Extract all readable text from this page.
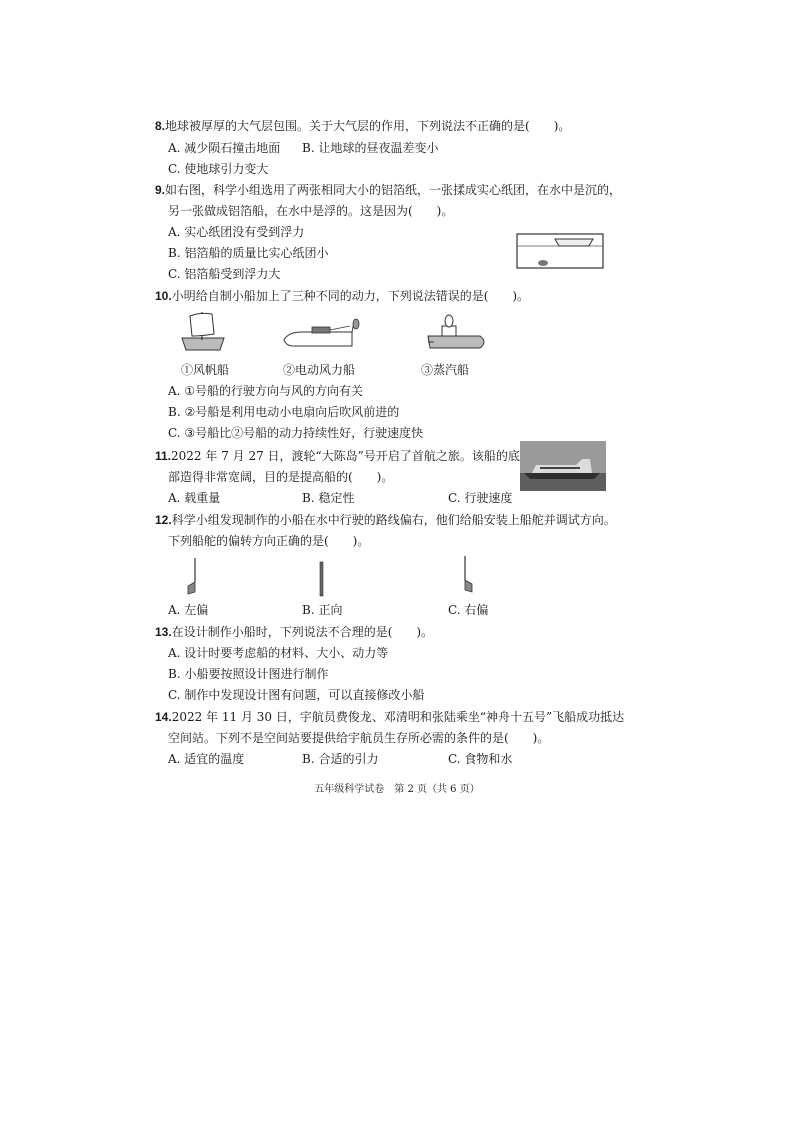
8.地球被厚厚的大气层包围。关于大气层的作用，下列说法不正确的是(　　)。
A. 减少陨石撞击地面 B. 让地球的昼夜温差变小
C. 使地球引力变大
9.如右图，科学小组选用了两张相同大小的铝箔纸，一张揉成实心纸团，在水中是沉的，
另一张做成铝箔船，在水中是浮的。这是因为(　　)。
A. 实心纸团没有受到浮力
B. 铝箔船的质量比实心纸团小
C. 铝箔船受到浮力大
10.小明给自制小船加上了三种不同的动力，下列说法错误的是(　　)。
①风帆船	②电动风力船	③蒸汽船
A. ①号船的行驶方向与风的方向有关
B. ②号船是利用电动小电扇向后吹风前进的
C. ③号船比②号船的动力持续性好，行驶速度快
11.2022 年 7 月 27 日，渡轮“大陈岛”号开启了首航之旅。该船的底
部造得非常宽阔，目的是提高船的(　　)。
A. 载重量	B. 稳定性	C. 行驶速度
12.科学小组发现制作的小船在水中行驶的路线偏右，他们给船安装上船舵并调试方向。
下列船舵的偏转方向正确的是(　　)。
A. 左偏	B. 正向	C. 右偏
13.在设计制作小船时，下列说法不合理的是(　　)。
A. 设计时要考虑船的材料、大小、动力等
B. 小船要按照设计图进行制作
C. 制作中发现设计图有问题，可以直接修改小船
14.2022 年 11 月 30 日，宇航员费俊龙、邓清明和张陆乘坐“神舟十五号”飞船成功抵达
空间站。下列不是空间站要提供给宇航员生存所必需的条件的是(　　)。
A. 适宜的温度	B. 合适的引力	C. 食物和水
五年级科学试卷　第 2 页（共 6 页）
